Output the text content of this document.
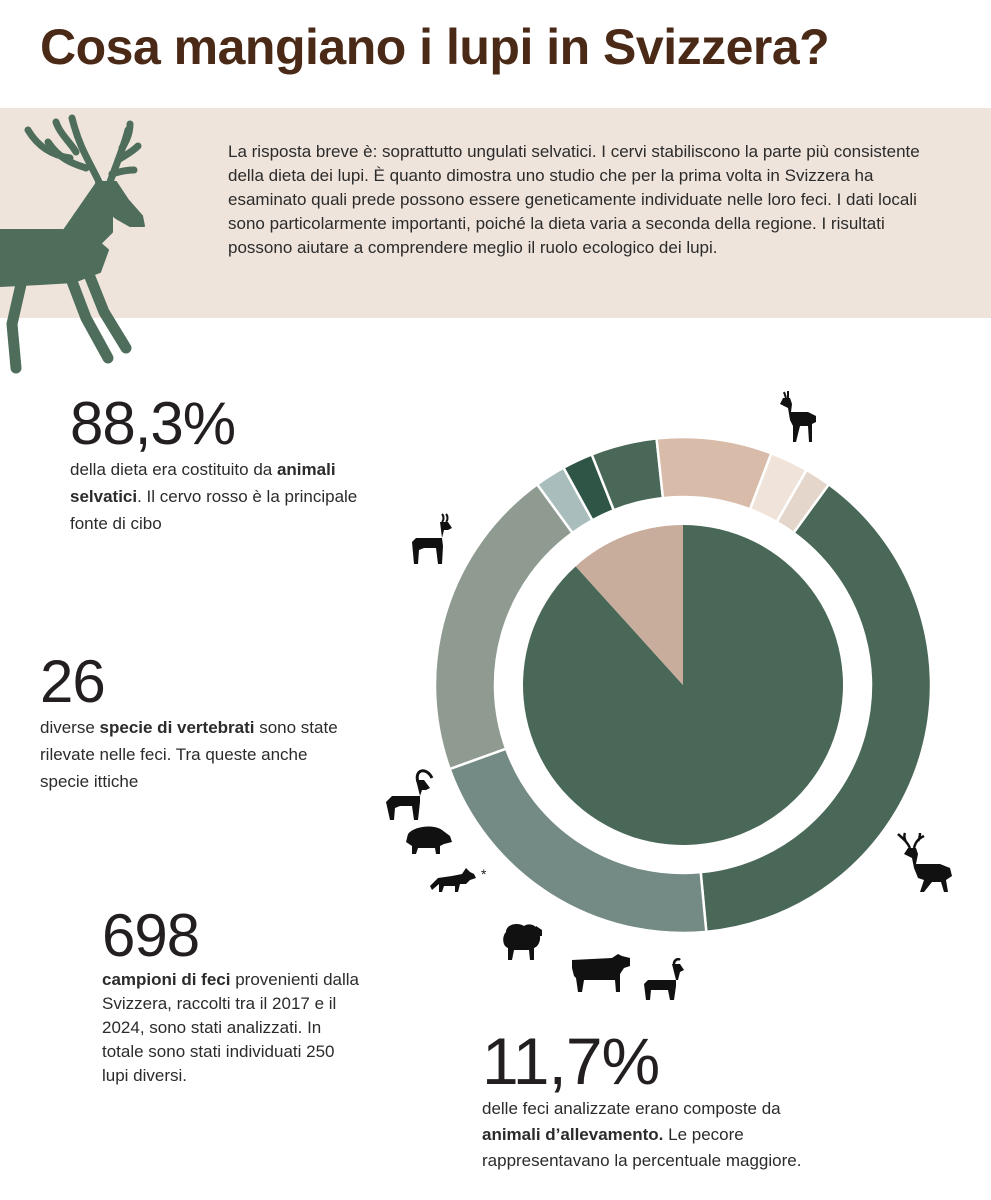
Cosa mangiano i lupi in Svizzera?

La risposta breve è: soprattutto ungulati selvatici. I cervi stabiliscono la parte più consistente della dieta dei lupi. È quanto dimostra uno studio che per la prima volta in Svizzera ha esaminato quali prede possono essere geneticamente individuate nelle loro feci. I dati locali sono particolarmente importanti, poiché la dieta varia a seconda della regione. I risultati possono aiutare a comprendere meglio il ruolo ecologico dei lupi.

88,3%
della dieta era costituito da animali selvatici. Il cervo rosso è la principale fonte di cibo
26
diverse specie di vertebrati sono state rilevate nelle feci. Tra queste anche specie ittiche
698
campioni di feci provenienti dalla Svizzera, raccolti tra il 2017 e il 2024, sono stati analizzati. In totale sono stati individuati 250 lupi diversi.	11,7%
delle feci analizzate erano composte da animali d’allevamento. Le pecore rappresentavano la percentuale maggiore.
*
